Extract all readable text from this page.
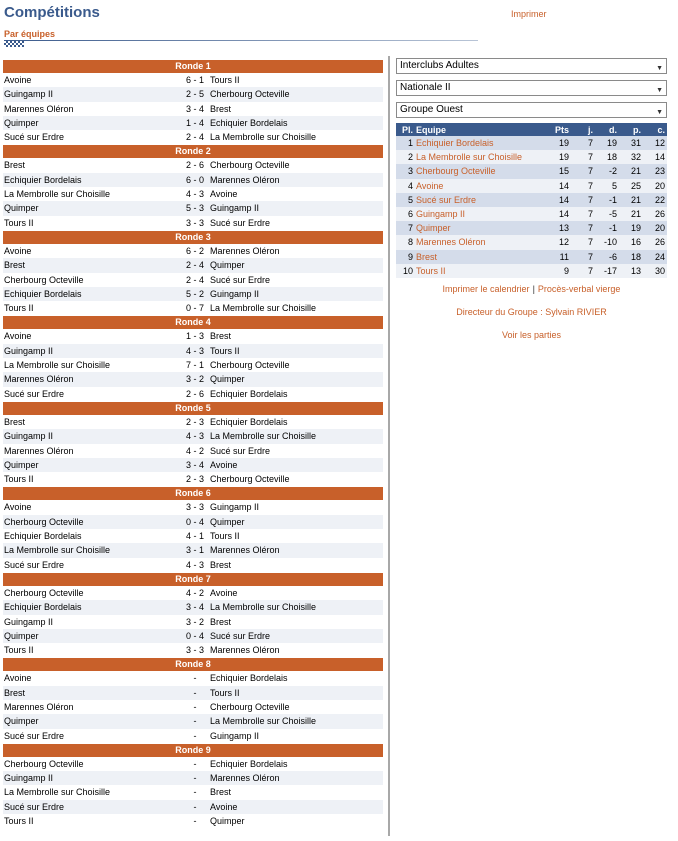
Compétitions	Imprimer
Par équipes
Ronde 1
Avoine	6 - 1 Tours II
Guingamp II	2 - 5 Cherbourg Octeville
Marennes Oléron	3 - 4 Brest
Quimper	1 - 4 Echiquier Bordelais
Sucé sur Erdre	2 - 4 La Membrolle sur Choisille
Ronde 2
Brest	2 - 6 Cherbourg Octeville
Echiquier Bordelais	6 - 0 Marennes Oléron
La Membrolle sur Choisille	4 - 3 Avoine
Quimper	5 - 3 Guingamp II
Tours II	3 - 3 Sucé sur Erdre
Ronde 3
Avoine	6 - 2 Marennes Oléron
Brest	2 - 4 Quimper
Cherbourg Octeville	2 - 4 Sucé sur Erdre
Echiquier Bordelais	5 - 2 Guingamp II
Tours II	0 - 7 La Membrolle sur Choisille
Ronde 4
Avoine	1 - 3 Brest
Guingamp II	4 - 3 Tours II
La Membrolle sur Choisille	7 - 1 Cherbourg Octeville
Marennes Oléron	3 - 2 Quimper
Sucé sur Erdre	2 - 6 Echiquier Bordelais
Ronde 5
Brest	2 - 3 Echiquier Bordelais
Guingamp II	4 - 3 La Membrolle sur Choisille
Marennes Oléron	4 - 2 Sucé sur Erdre
Quimper	3 - 4 Avoine
Tours II	2 - 3 Cherbourg Octeville
Ronde 6
Avoine	3 - 3 Guingamp II
Cherbourg Octeville	0 - 4 Quimper
Echiquier Bordelais	4 - 1 Tours II
La Membrolle sur Choisille	3 - 1 Marennes Oléron
Sucé sur Erdre	4 - 3 Brest
Ronde 7
Cherbourg Octeville	4 - 2 Avoine
Echiquier Bordelais	3 - 4 La Membrolle sur Choisille
Guingamp II	3 - 2 Brest
Quimper	0 - 4 Sucé sur Erdre
Tours II	3 - 3 Marennes Oléron
Ronde 8
Avoine	-	Echiquier Bordelais
Brest	-	Tours II
Marennes Oléron	-	Cherbourg Octeville
Quimper	-	La Membrolle sur Choisille
Sucé sur Erdre	-	Guingamp II
Ronde 9
Cherbourg Octeville	-	Echiquier Bordelais
Guingamp II	-	Marennes Oléron
La Membrolle sur Choisille	-	Brest
Sucé sur Erdre	-	Avoine
Tours II	-	Quimper
Interclubs Adultes	▼
Nationale II	▼
Groupe Ouest	▼
Pl.	Equipe	Pts	j.	d.	p.	c.
1	Echiquier Bordelais	19	7	19	31	12
2	La Membrolle sur Choisille	19	7	18	32	14
3	Cherbourg Octeville	15	7	-2	21	23
4	Avoine	14	7	5	25	20
5	Sucé sur Erdre	14	7	-1	21	22
6	Guingamp II	14	7	-5	21	26
7	Quimper	13	7	-1	19	20
8	Marennes Oléron	12	7	-10	16	26
9	Brest	11	7	-6	18	24
10	Tours II	9	7	-17	13	30
Imprimer le calendrier | Procès-verbal vierge
Directeur du Groupe : Sylvain RIVIER
Voir les parties
